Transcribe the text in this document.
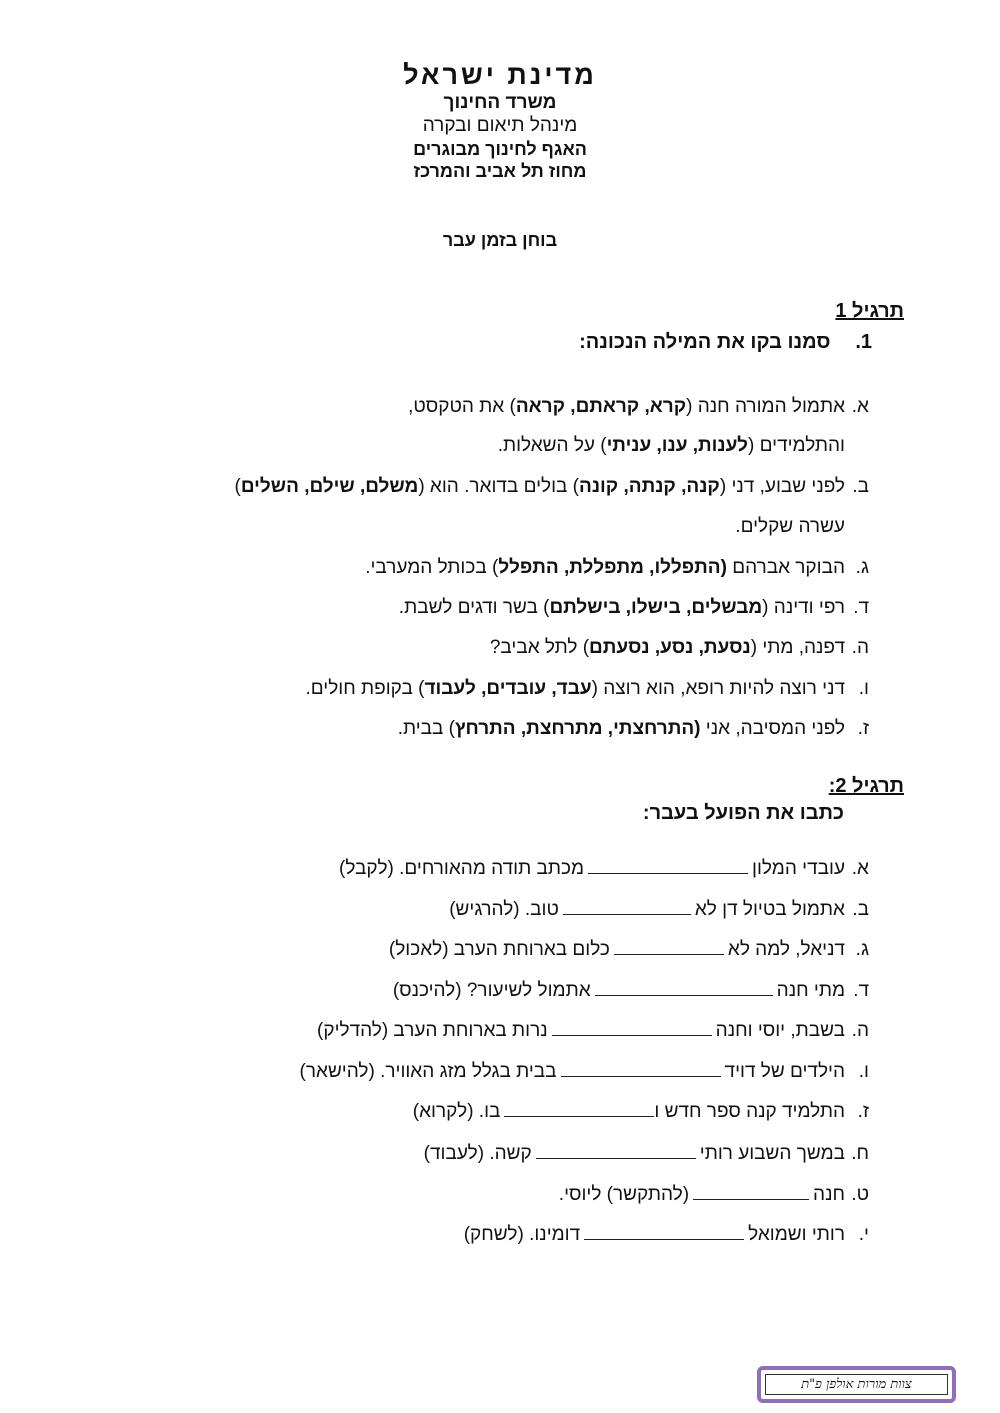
מדינת ישראל
משרד החינוך
מינהל תיאום ובקרה
האגף לחינוך מבוגרים
מחוז תל אביב והמרכז
בוחן בזמן עבר
תרגיל 1
1. סמנו בקו את המילה הנכונה:
א.
אתמול המורה חנה (קרא, קראתם, קראה) את הטקסט,
והתלמידים (לענות, ענו, עניתי) על השאלות.
ב.
לפני שבוע, דני (קנה, קנתה, קונה) בולים בדואר. הוא (משלם, שילם, השלים)
עשרה שקלים.
ג.
הבוקר אברהם (התפללו, מתפללת, התפלל) בכותל המערבי.
ד.
רפי ודינה (מבשלים, בישלו, בישלתם) בשר ודגים לשבת.
ה.
דפנה, מתי (נסעת, נסע, נסעתם) לתל אביב?
ו.
דני רוצה להיות רופא, הוא רוצה (עבד, עובדים, לעבוד) בקופת חולים.
ז.
לפני המסיבה, אני (התרחצתי, מתרחצת, התרחץ) בבית.
תרגיל 2:
כתבו את הפועל בעבר:
א.
עובדי המלוןמכתב תודה מהאורחים. (לקבל)
ב.
אתמול בטיול דן לאטוב. (להרגיש)
ג.
דניאל, למה לאכלום בארוחת הערב (לאכול)
ד.
מתי חנהאתמול לשיעור? (להיכנס)
ה.
בשבת, יוסי וחנהנרות בארוחת הערב (להדליק)
ו.
הילדים של דוידבבית בגלל מזג האוויר. (להישאר)
ז.
התלמיד קנה ספר חדש ובו. (לקרוא)
ח.
במשך השבוע רותיקשה. (לעבוד)
ט.
חנה(להתקשר) ליוסי.
י.
רותי ושמואלדומינו. (לשחק)
צוות מורות אולפן פ"ת
